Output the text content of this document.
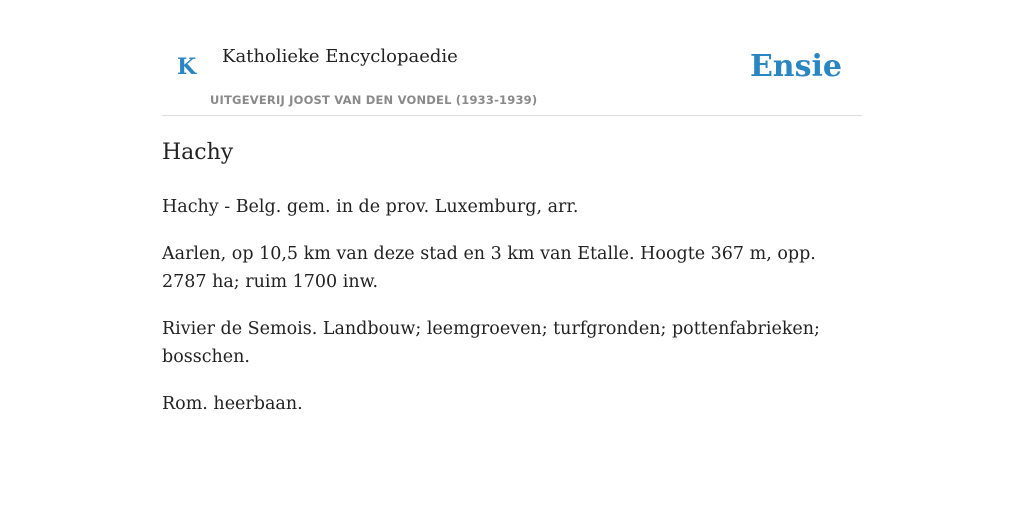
K Katholieke Encyclopaedie
UITGEVERIJ JOOST VAN DEN VONDEL (1933-1939)
Ensie
Hachy

Hachy - Belg. gem. in de prov. Luxemburg, arr.

Aarlen, op 10,5 km van deze stad en 3 km van Etalle. Hoogte 367 m, opp. 2787 ha; ruim 1700 inw.

Rivier de Semois. Landbouw; leemgroeven; turfgronden; pottenfabrieken; bosschen.

Rom. heerbaan.
